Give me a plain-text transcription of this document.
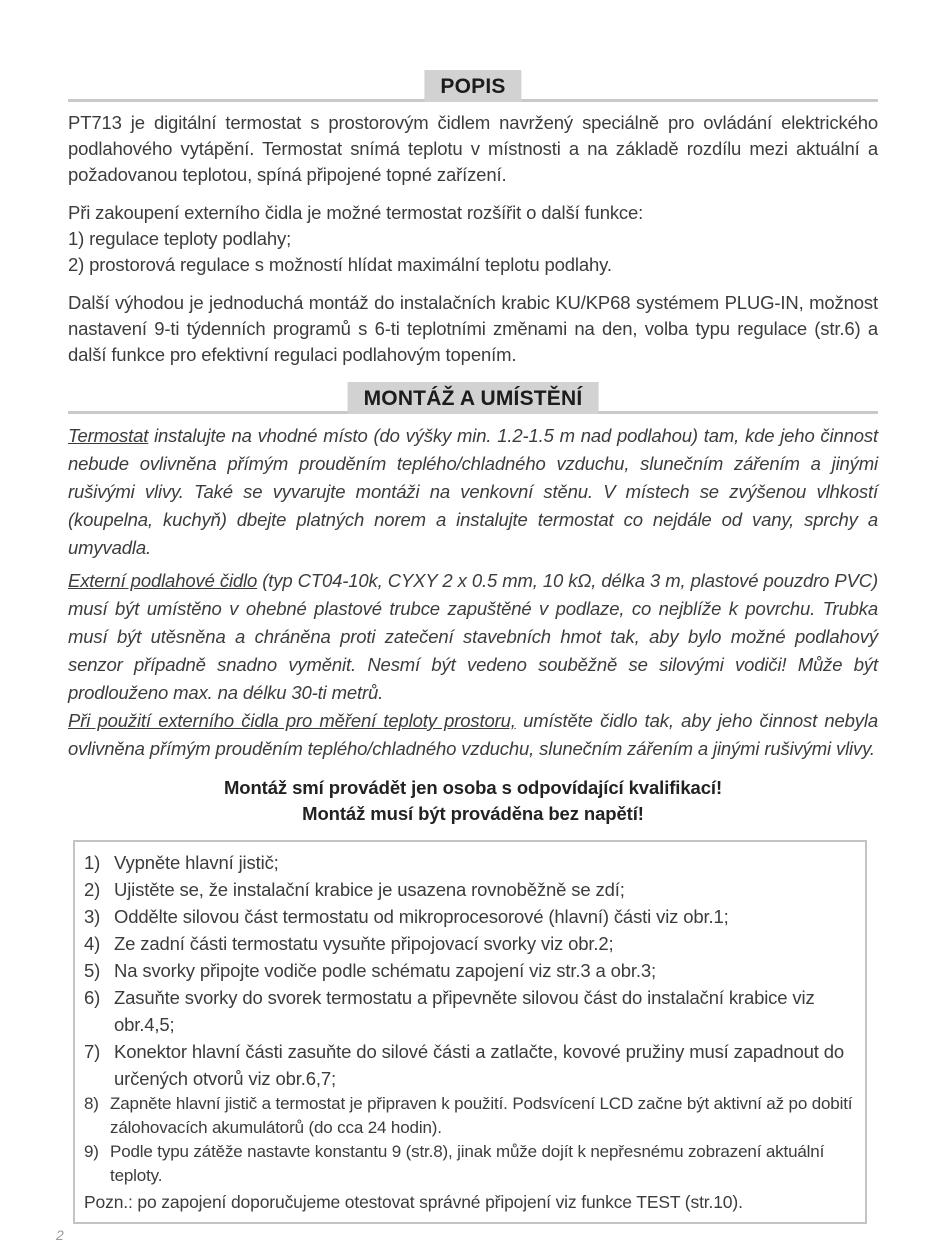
POPIS

PT713 je digitální termostat s prostorovým čidlem navržený speciálně pro ovládání elektrického podlahového vytápění. Termostat snímá teplotu v místnosti a na základě rozdílu mezi aktuální a požadovanou teplotou, spíná připojené topné zařízení.

Při zakoupení externího čidla je možné termostat rozšířit o další funkce:

1) regulace teploty podlahy;

2) prostorová regulace s možností hlídat maximální teplotu podlahy.

Další výhodou je jednoduchá montáž do instalačních krabic KU/KP68 systémem PLUG-IN, možnost nastavení 9-ti týdenních programů s 6-ti teplotními změnami na den, volba typu regulace (str.6) a další funkce pro efektivní regulaci podlahovým topením.

MONTÁŽ A UMÍSTĚNÍ

Termostat instalujte na vhodné místo (do výšky min. 1.2-1.5 m nad podlahou) tam, kde jeho činnost nebude ovlivněna přímým prouděním teplého/chladného vzduchu, slunečním zářením a jinými rušivými vlivy. Také se vyvarujte montáži na venkovní stěnu. V místech se zvýšenou vlhkostí (koupelna, kuchyň) dbejte platných norem a instalujte termostat co nejdále od vany, sprchy a umyvadla.

Externí podlahové čidlo (typ CT04-10k, CYXY 2 x 0.5 mm, 10 kΩ, délka 3 m, plastové pouzdro PVC) musí být umístěno v ohebné plastové trubce zapuštěné v podlaze, co nejblíže k povrchu. Trubka musí být utěsněna a chráněna proti zatečení stavebních hmot tak, aby bylo možné podlahový senzor případně snadno vyměnit. Nesmí být vedeno souběžně se silovými vodiči! Může být prodlouženo max. na délku 30-ti metrů.

Při použití externího čidla pro měření teploty prostoru, umístěte čidlo tak, aby jeho činnost nebyla ovlivněna přímým prouděním teplého/chladného vzduchu, slunečním zářením a jinými rušivými vlivy.

Montáž smí provádět jen osoba s odpovídající kvalifikací!

Montáž musí být prováděna bez napětí!

1) Vypněte hlavní jistič;
2) Ujistěte se, že instalační krabice je usazena rovnoběžně se zdí;
3) Oddělte silovou část termostatu od mikroprocesorové (hlavní) části viz obr.1;
4) Ze zadní části termostatu vysuňte připojovací svorky viz obr.2;
5) Na svorky připojte vodiče podle schématu zapojení viz str.3 a obr.3;
6) Zasuňte svorky do svorek termostatu a připevněte silovou část do instalační krabice viz obr.4,5;
7) Konektor hlavní části zasuňte do silové části a zatlačte, kovové pružiny musí zapadnout do určených otvorů viz obr.6,7;
8) Zapněte hlavní jistič a termostat je připraven k použití. Podsvícení LCD začne být aktivní až po dobití zálohovacích akumulátorů (do cca 24 hodin).
9) Podle typu zátěže nastavte konstantu 9 (str.8), jinak může dojít k nepřesnému zobrazení aktuální teploty.
Pozn.: po zapojení doporučujeme otestovat správné připojení viz funkce TEST (str.10).
2
